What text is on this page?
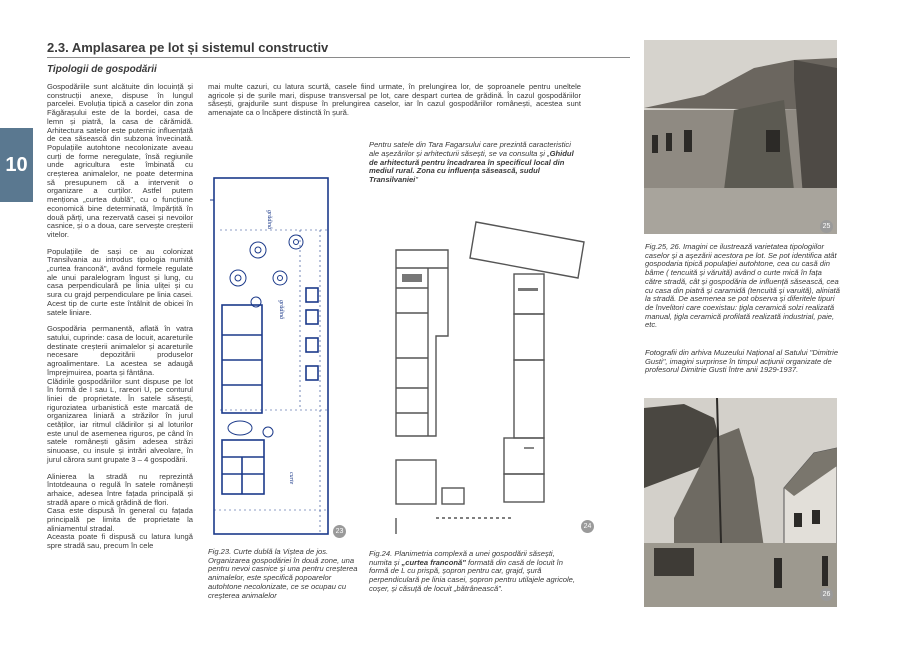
2.3. Amplasarea pe lot și sistemul constructiv
Tipologii de gospodării
10

Gospodăriile sunt alcătuite din locuință și construcții anexe, dispuse în lungul parcelei. Evoluția tipică a caselor din zona Făgărașului este de la bordei, casa de lemn și piatră, la casa de cărămidă. Arhitectura satelor este puternic influențată de cea săsească din subzona învecinată. Populațiile autohtone necolonizate aveau curți de forme neregulate, însă regiunile unde agricultura este îmbinată cu creșterea animalelor, ne poate determina să presupunem că a intervenit o organizare a curților. Astfel putem menționa „curtea dublă", cu o funcțiune economică bine determinată, împărțită în două părți, una rezervată casei și nevoilor casnice, și o a doua, care servește creșterii vitelor.

Populațiile de sași ce au colonizat Transilvania au introdus tipologia numită „curtea franconă", având formele regulate ale unui paralelogram îngust și lung, cu casa perpendiculară pe linia uliței și cu sura cu grajd perpendiculare pe linia casei. Acest tip de curte este întâlnit de obicei în satele liniare.

Gospodăria permanentă, aflată în vatra satului, cuprinde: casa de locuit, acareturile destinate creșterii animalelor și acareturile necesare depozitării produselor agroalimentare. La acestea se adaugă împrejmuirea, poarta și fântâna.

Clădirile gospodăriilor sunt dispuse pe lot în formă de I sau L, rareori U, pe conturul liniei de proprietate. În satele săsești, riguroziatea urbanistică este marcată de organizarea liniară a străzilor în jurul cetăților, iar ritmul clădirilor și al loturilor este unul de asemenea riguros, pe când în satele românești găsim adesea străzi sinuoase, cu insule și intrări alveolare, în jurul cărora sunt grupate 3 – 4 gospodării.

Alinierea la stradă nu reprezintă întotdeauna o regulă în satele românești arhaice, adesea între fațada principală și stradă apare o mică grădină de flori.

Casa este dispusă în general cu fațada principală pe limita de proprietate la aliniamentul stradal.

Aceasta poate fi dispusă cu latura lungă spre stradă sau, precum în cele

mai multe cazuri, cu latura scurtă, casele fiind urmate, în prelungirea lor, de șoproanele pentru uneltele agricole și de șurile mari, dispuse transversal pe lot, care despart curtea de grădină. În cazul gospodăriilor săsești, grajdurile sunt dispuse în prelungirea caselor, iar în cazul gospodăriilor românești, acestea sunt amenajate ca o încăpere distinctă în șură.
Pentru satele din Tara Fagarsului care prezintă caracteristici ale așezărilor și arhitecturii săsești, se va consulta și „Ghidul de arhitectură pentru încadrarea în specificul local din mediul rural. Zona cu influența săsească, sudul Transilvaniei"
grădină
grădină
curte
23
24
Fig.23. Curte dublă la Viștea de jos. Organizarea gospodăriei în două zone, una pentru nevoi casnice și una pentru creșterea animalelor, este specifică popoarelor autohtone necolonizate, ce se ocupau cu creșterea animalelor
Fig.24. Planimetria complexă a unei gospodării săsești, numita și „curtea franconă" formată din casă de locuit în formă de L cu prispă, șopron pentru car, grajd, șură perpendiculară pe linia casei, șopron pentru utilajele agricole, coșer, și căsuță de locuit „bătrânească".
25
Fig.25, 26. Imagini ce ilustrează varietatea tipologiilor caselor și a așezării acestora pe lot. Se pot identifica atât gospodaria tipică populației autohtone, cea cu casă din bâme ( tencuită și văruită) având o curte mică în fața către stradă, cât și gospodăria de influență săsească, cea cu casa din piatră și caramidă (tencuită și varuită), aliniată la stradă. De asemenea se pot observa și diferitele tipuri de învelitori care coexistau: țigla ceramică solzi realizată manual, țigla ceramică profilată realizată industrial, paie, etc.
Fotografii din arhiva Muzeului Național al Satului "Dimitrie Gusti", imagini surprinse în timpul acțiunii organizate de profesorul Dimitrie Gusti între anii 1929-1937.
26
